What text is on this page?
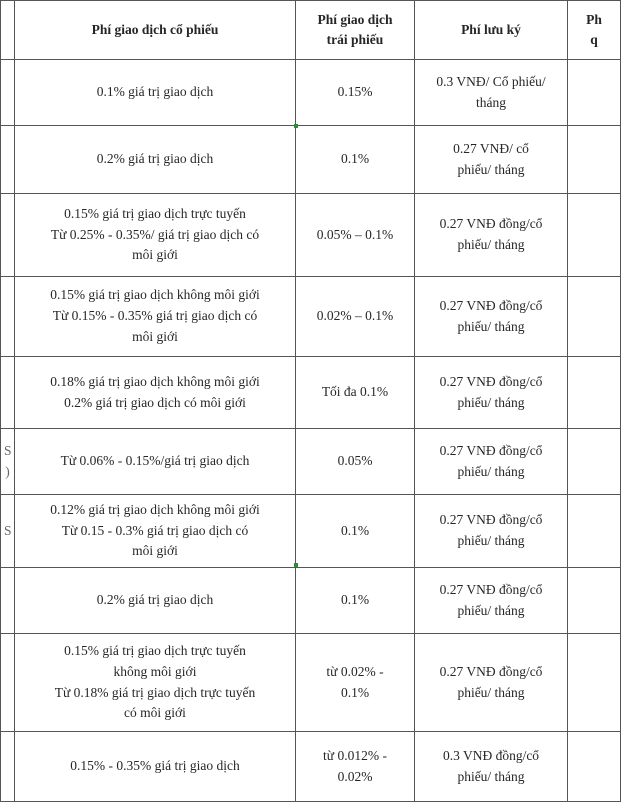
	Phí giao dịch cổ phiếu	Phí giao dịch
trái phiếu	Phí lưu ký	Ph
q
	0.1% giá trị giao dịch	0.15%	0.3 VNĐ/ Cổ phiếu/
tháng	
	0.2% giá trị giao dịch	0.1%	0.27 VNĐ/ cổ
phiếu/ tháng	
	0.15% giá trị giao dịch trực tuyến
Từ 0.25% - 0.35%/ giá trị giao dịch có
môi giới	0.05% – 0.1%	0.27 VNĐ đồng/cổ
phiếu/ tháng	
	0.15% giá trị giao dịch không môi giới
Từ 0.15% - 0.35% giá trị giao dịch có
môi giới	0.02% – 0.1%	0.27 VNĐ đồng/cổ
phiếu/ tháng	
	0.18% giá trị giao dịch không môi giới
0.2% giá trị giao dịch có môi giới	Tối đa 0.1%	0.27 VNĐ đồng/cổ
phiếu/ tháng	
S
)	Từ 0.06% - 0.15%/giá trị giao dịch	0.05%	0.27 VNĐ đồng/cổ
phiếu/ tháng	
S	0.12% giá trị giao dịch không môi giới
Từ 0.15 - 0.3% giá trị giao dịch có
môi giới	0.1%	0.27 VNĐ đồng/cổ
phiếu/ tháng	
	0.2% giá trị giao dịch	0.1%	0.27 VNĐ đồng/cổ
phiếu/ tháng	
	0.15% giá trị giao dịch trực tuyến
không môi giới
Từ 0.18% giá trị giao dịch trực tuyến
có môi giới	từ 0.02% -
0.1%	0.27 VNĐ đồng/cổ
phiếu/ tháng	
	0.15% - 0.35% giá trị giao dịch	từ 0.012% -
0.02%	0.3 VNĐ đồng/cổ
phiếu/ tháng	
